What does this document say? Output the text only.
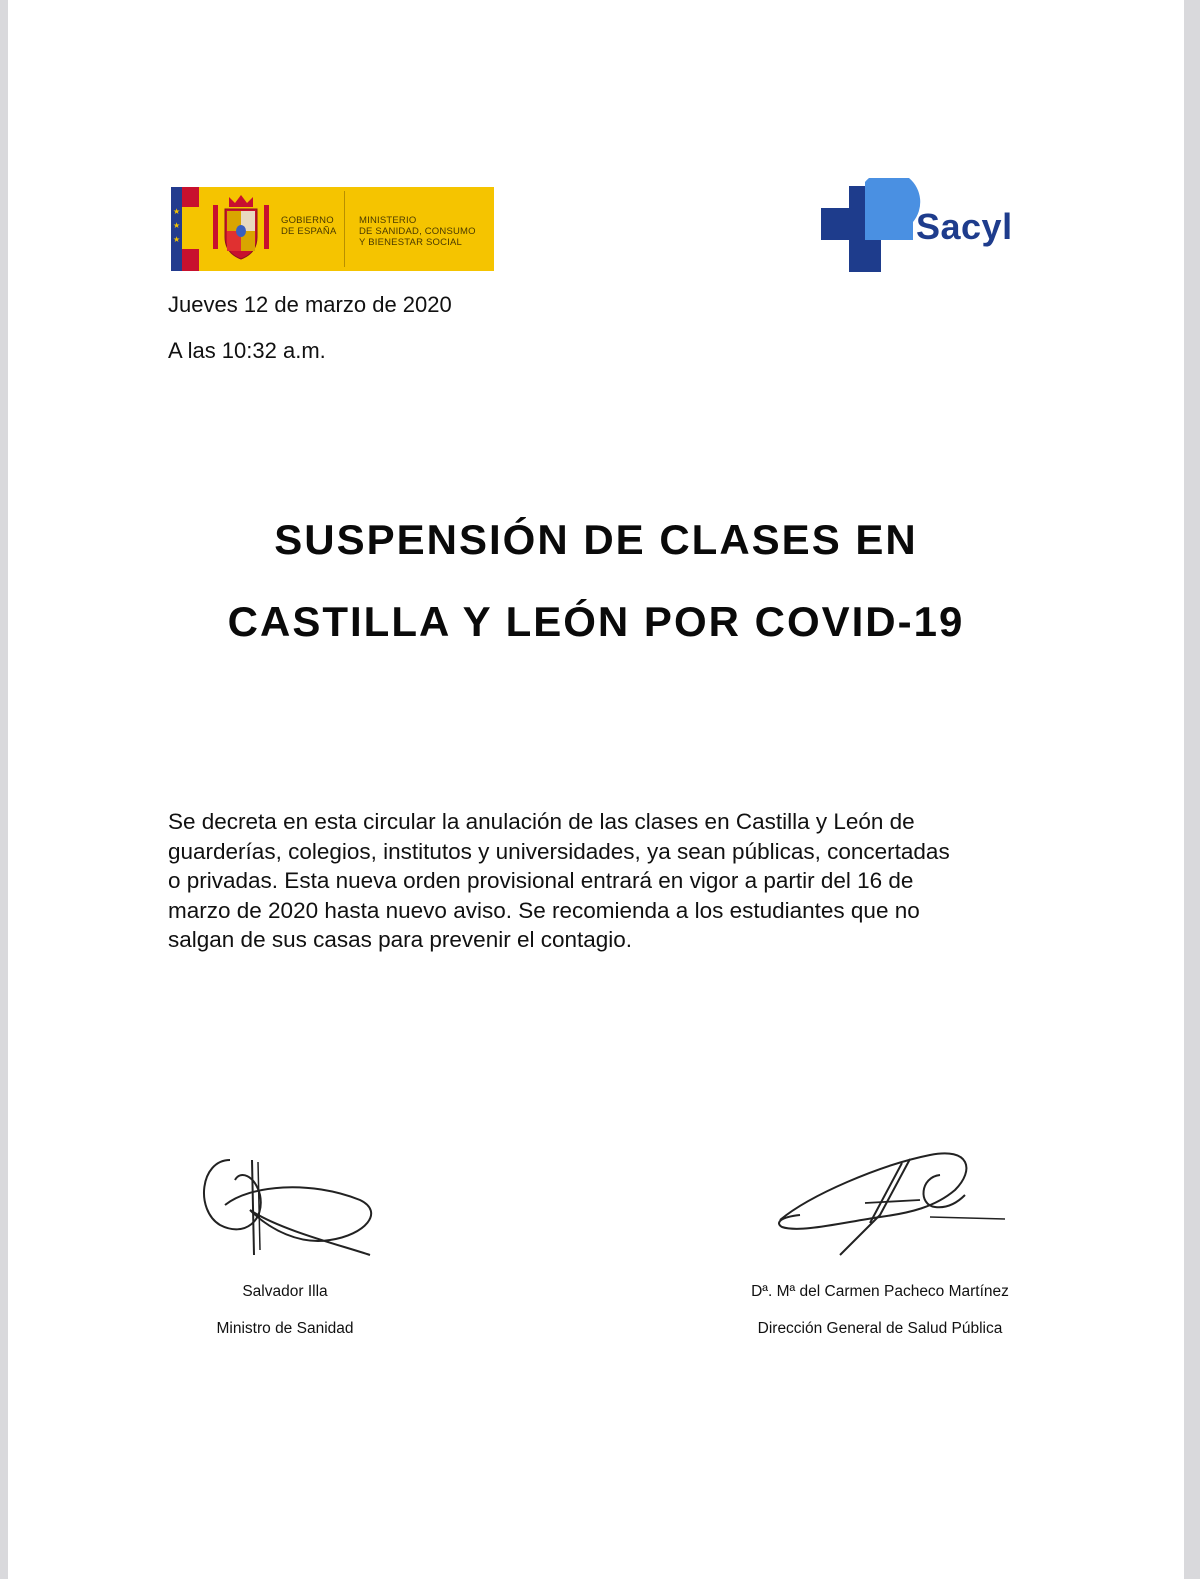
★
★
★
GOBIERNO
DE ESPAÑA
MINISTERIO
DE SANIDAD, CONSUMO
Y BIENESTAR SOCIAL	Sacyl
Jueves 12 de marzo de 2020
A las 10:32 a.m.
SUSPENSIÓN DE CLASES EN
CASTILLA Y LEÓN POR COVID-19
Se decreta en esta circular la anulación de las clases en Castilla y León de
guarderías, colegios, institutos y universidades, ya sean públicas, concertadas
o privadas. Esta nueva orden provisional entrará en vigor a partir del 16 de
marzo de 2020 hasta nuevo aviso. Se recomienda a los estudiantes que no
salgan de sus casas para prevenir el contagio.
Salvador Illa
Ministro de Sanidad
Dª. Mª del Carmen Pacheco Martínez
Dirección General de Salud Pública
